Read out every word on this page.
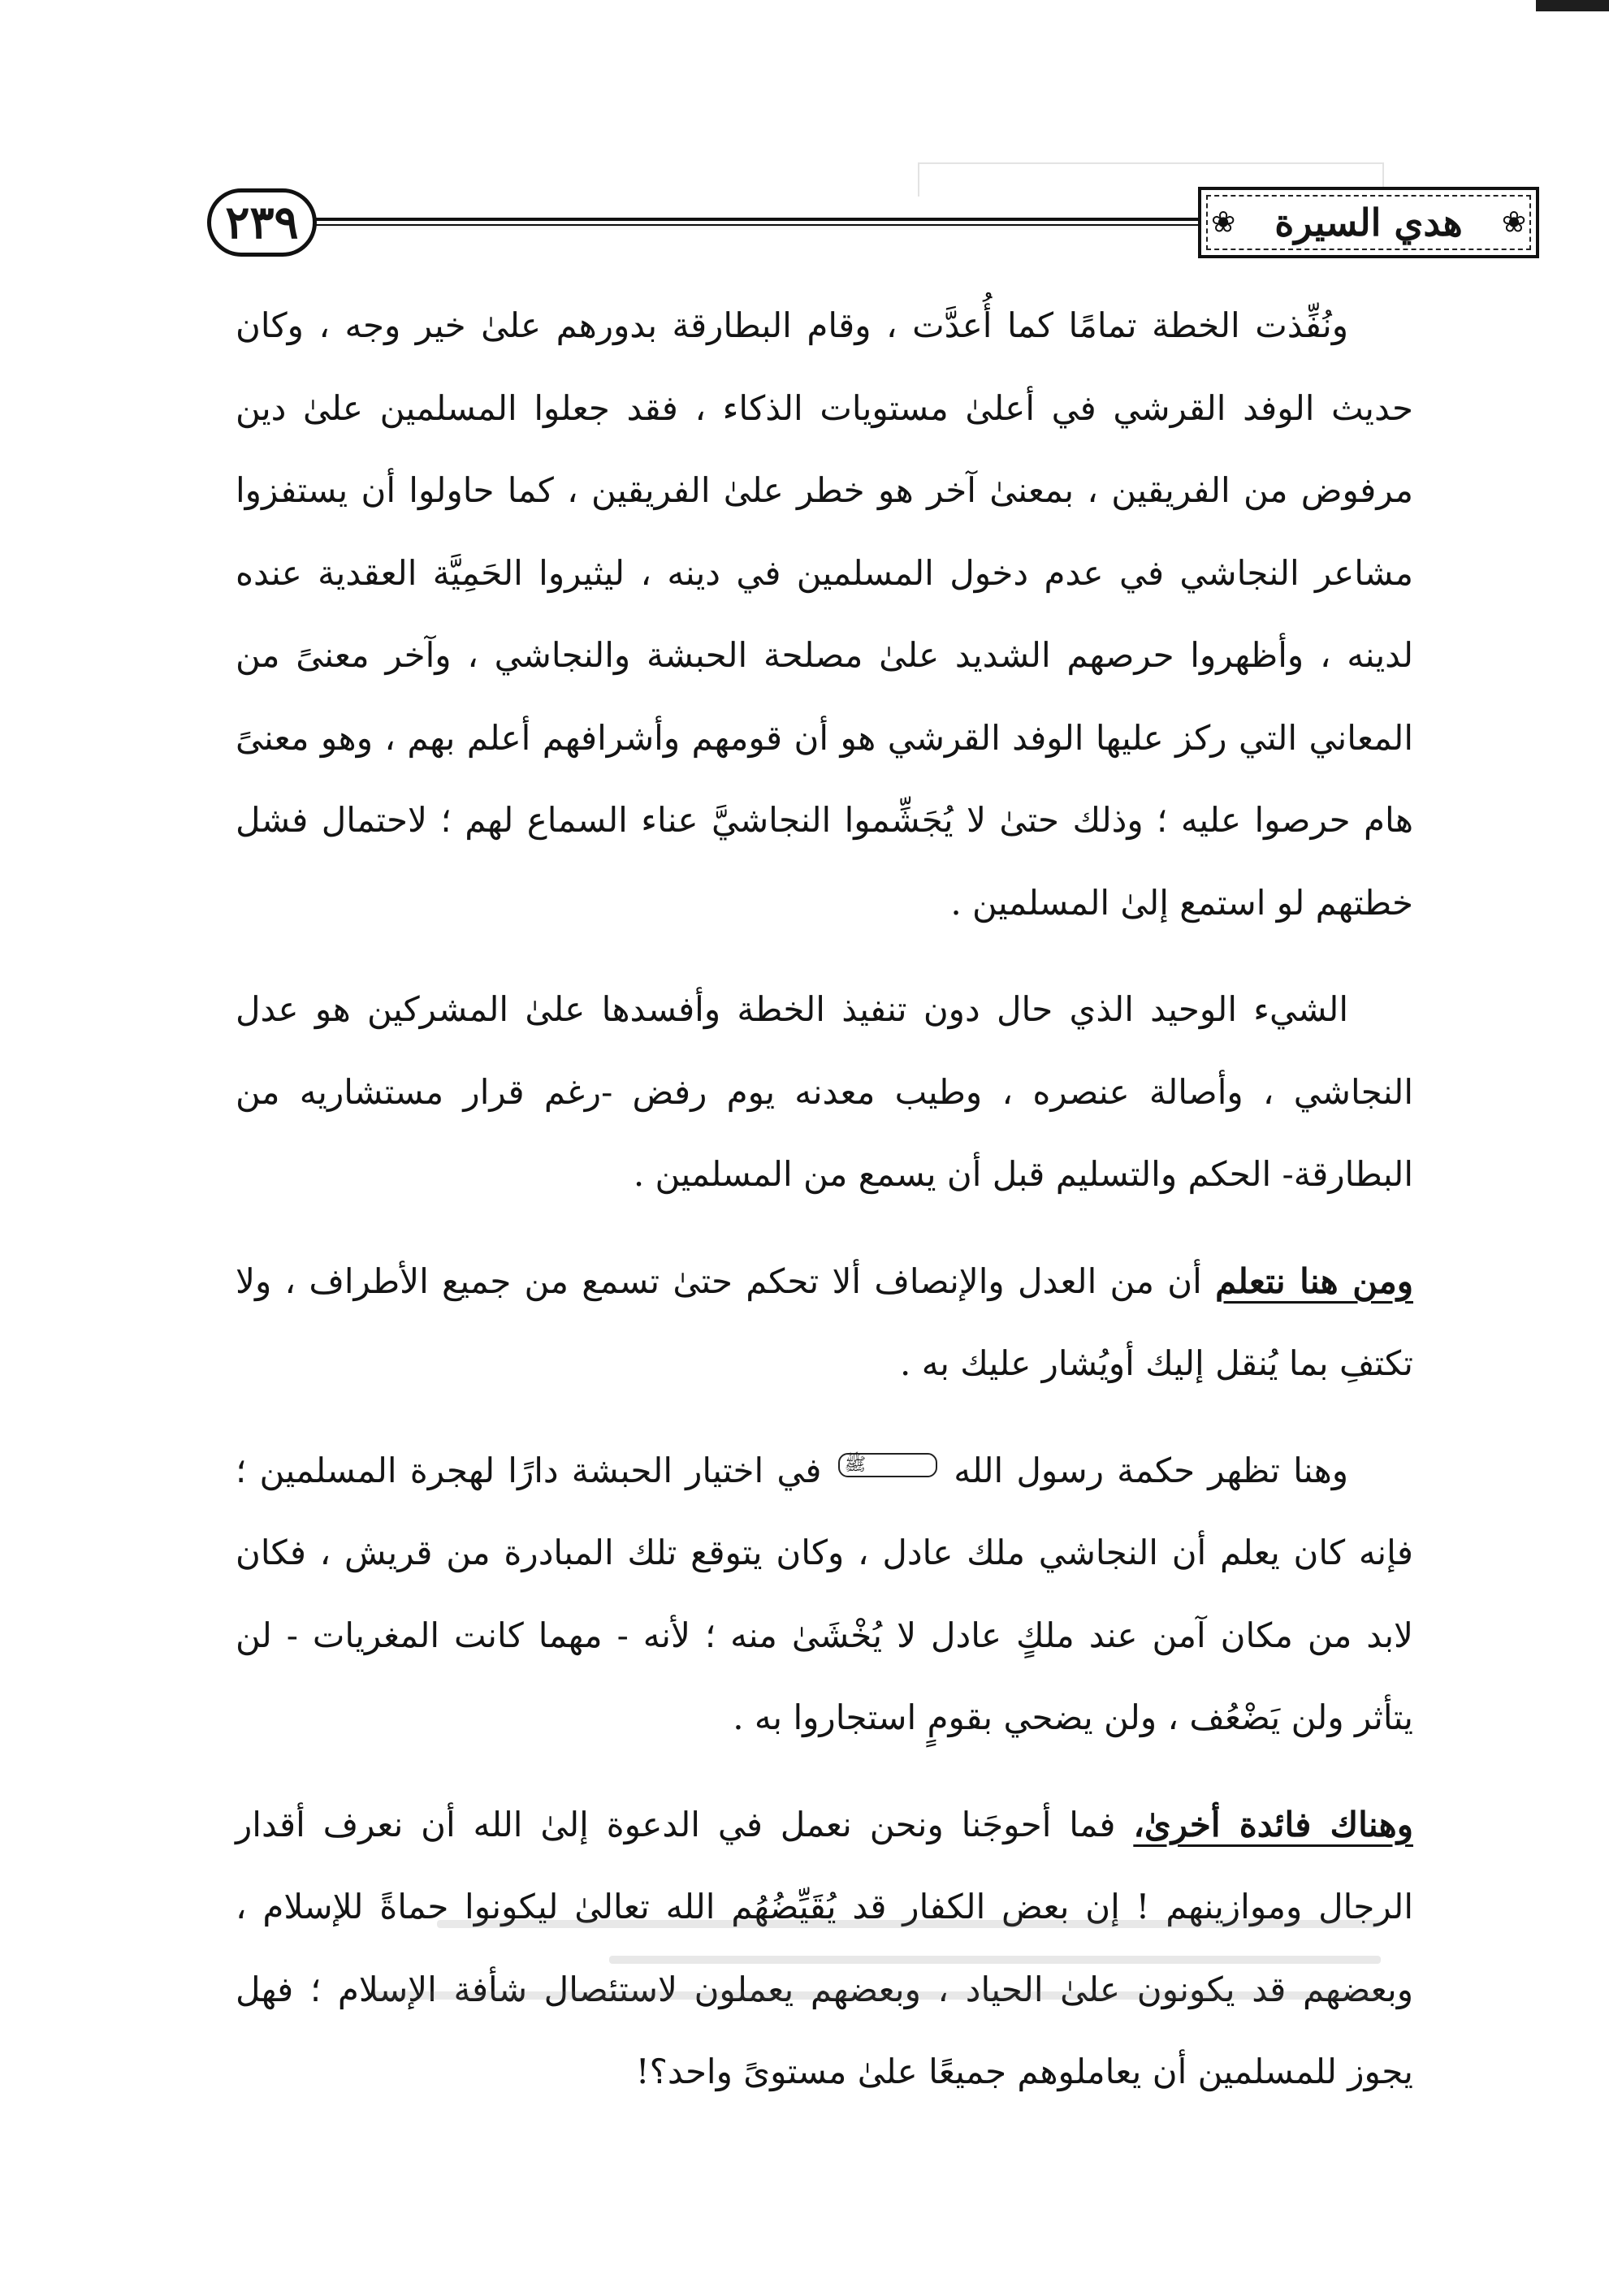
٢٣٩	❀	هدي السيرة	❀

ونُفِّذت الخطة تمامًا كما أُعدَّت ، وقام البطارقة بدورهم علىٰ خير وجه ، وكان حديث الوفد القرشي في أعلىٰ مستويات الذكاء ، فقد جعلوا المسلمين علىٰ دين مرفوض من الفريقين ، بمعنىٰ آخر هو خطر علىٰ الفريقين ، كما حاولوا أن يستفزوا مشاعر النجاشي في عدم دخول المسلمين في دينه ، ليثيروا الحَمِيَّة العقدية عنده لدينه ، وأظهروا حرصهم الشديد علىٰ مصلحة الحبشة والنجاشي ، وآخر معنىً من المعاني التي ركز عليها الوفد القرشي هو أن قومهم وأشرافهم أعلم بهم ، وهو معنىً هام حرصوا عليه ؛ وذلك حتىٰ لا يُجَشِّموا النجاشيَّ عناء السماع لهم ؛ لاحتمال فشل خطتهم لو استمع إلىٰ المسلمين .

الشيء الوحيد الذي حال دون تنفيذ الخطة وأفسدها علىٰ المشركين هو عدل النجاشي ، وأصالة عنصره ، وطيب معدنه يوم رفض -رغم قرار مستشاريه من البطارقة- الحكم والتسليم قبل أن يسمع من المسلمين .

ومن هنا نتعلم أن من العدل والإنصاف ألا تحكم حتىٰ تسمع من جميع الأطراف ، ولا تكتفِ بما يُنقل إليك أويُشار عليك به .

وهنا تظهر حكمة رسول الله ﷺ في اختيار الحبشة دارًا لهجرة المسلمين ؛ فإنه كان يعلم أن النجاشي ملك عادل ، وكان يتوقع تلك المبادرة من قريش ، فكان لابد من مكان آمن عند ملكٍ عادل لا يُخْشَىٰ منه ؛ لأنه - مهما كانت المغريات - لن يتأثر ولن يَضْعُف ، ولن يضحي بقومٍ استجاروا به .

وهناك فائدة أخرىٰ، فما أحوجَنا ونحن نعمل في الدعوة إلىٰ الله أن نعرف أقدار الرجال وموازينهم ! إن بعض الكفار قد يُقَيِّضُهُم الله تعالىٰ ليكونوا حماةً للإسلام ، وبعضهم قد يكونون علىٰ الحياد ، وبعضهم يعملون لاستئصال شأفة الإسلام ؛ فهل يجوز للمسلمين أن يعاملوهم جميعًا علىٰ مستوىً واحد؟!
